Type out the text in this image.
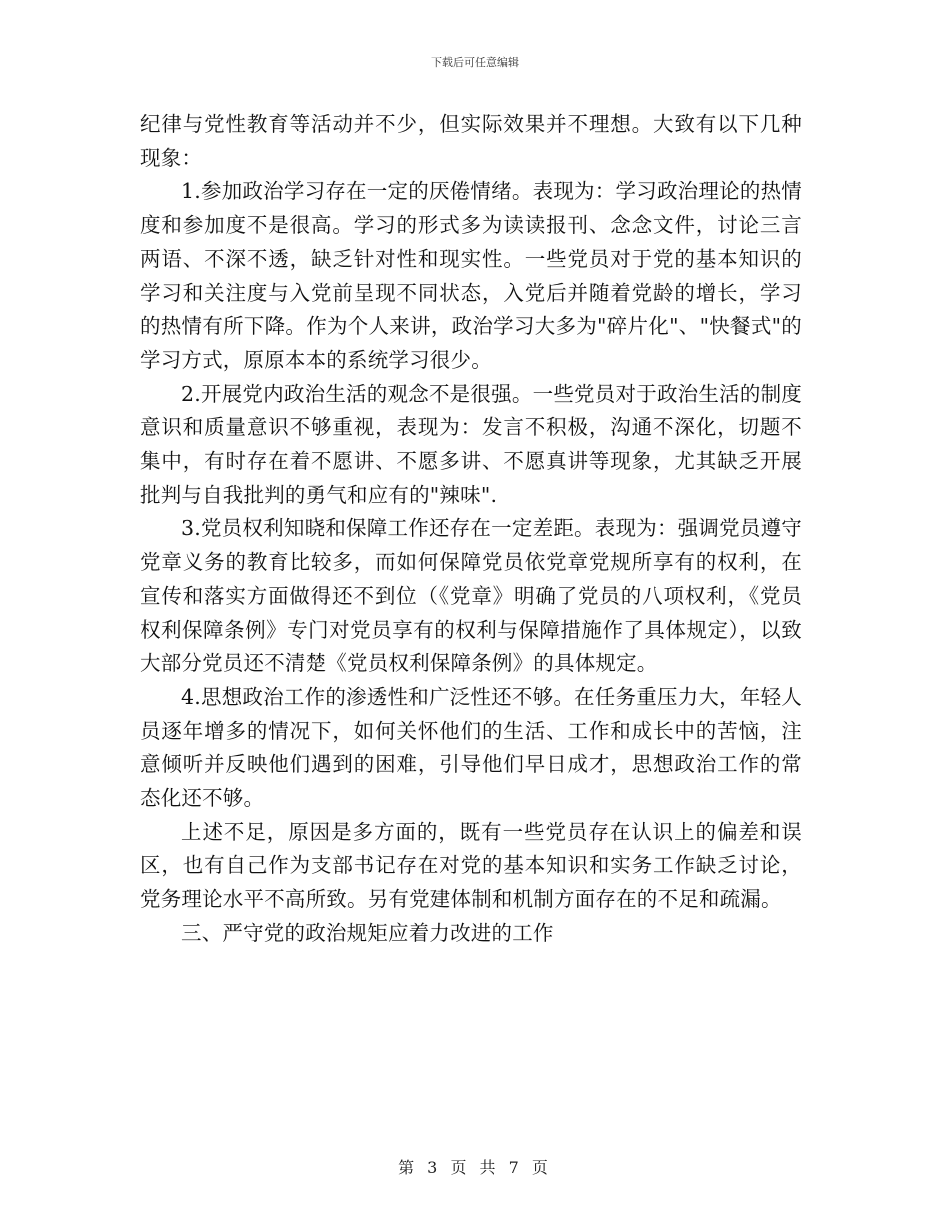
下载后可任意编辑

纪律与党性教育等活动并不少，但实际效果并不理想。大致有以下几种现象：

1.参加政治学习存在一定的厌倦情绪。表现为：学习政治理论的热情度和参加度不是很高。学习的形式多为读读报刊、念念文件，讨论三言两语、不深不透，缺乏针对性和现实性。一些党员对于党的基本知识的学习和关注度与入党前呈现不同状态，入党后并随着党龄的增长，学习的热情有所下降。作为个人来讲，政治学习大多为"碎片化"、"快餐式"的学习方式，原原本本的系统学习很少。

2.开展党内政治生活的观念不是很强。一些党员对于政治生活的制度意识和质量意识不够重视，表现为：发言不积极，沟通不深化，切题不集中，有时存在着不愿讲、不愿多讲、不愿真讲等现象，尤其缺乏开展批判与自我批判的勇气和应有的"辣味".

3.党员权利知晓和保障工作还存在一定差距。表现为：强调党员遵守党章义务的教育比较多，而如何保障党员依党章党规所享有的权利，在宣传和落实方面做得还不到位（《党章》明确了党员的八项权利，《党员权利保障条例》专门对党员享有的权利与保障措施作了具体规定），以致大部分党员还不清楚《党员权利保障条例》的具体规定。

4.思想政治工作的渗透性和广泛性还不够。在任务重压力大，年轻人员逐年增多的情况下，如何关怀他们的生活、工作和成长中的苦恼，注意倾听并反映他们遇到的困难，引导他们早日成才，思想政治工作的常态化还不够。

上述不足，原因是多方面的，既有一些党员存在认识上的偏差和误区，也有自己作为支部书记存在对党的基本知识和实务工作缺乏讨论，党务理论水平不高所致。另有党建体制和机制方面存在的不足和疏漏。

三、严守党的政治规矩应着力改进的工作

第 3 页 共 7 页
